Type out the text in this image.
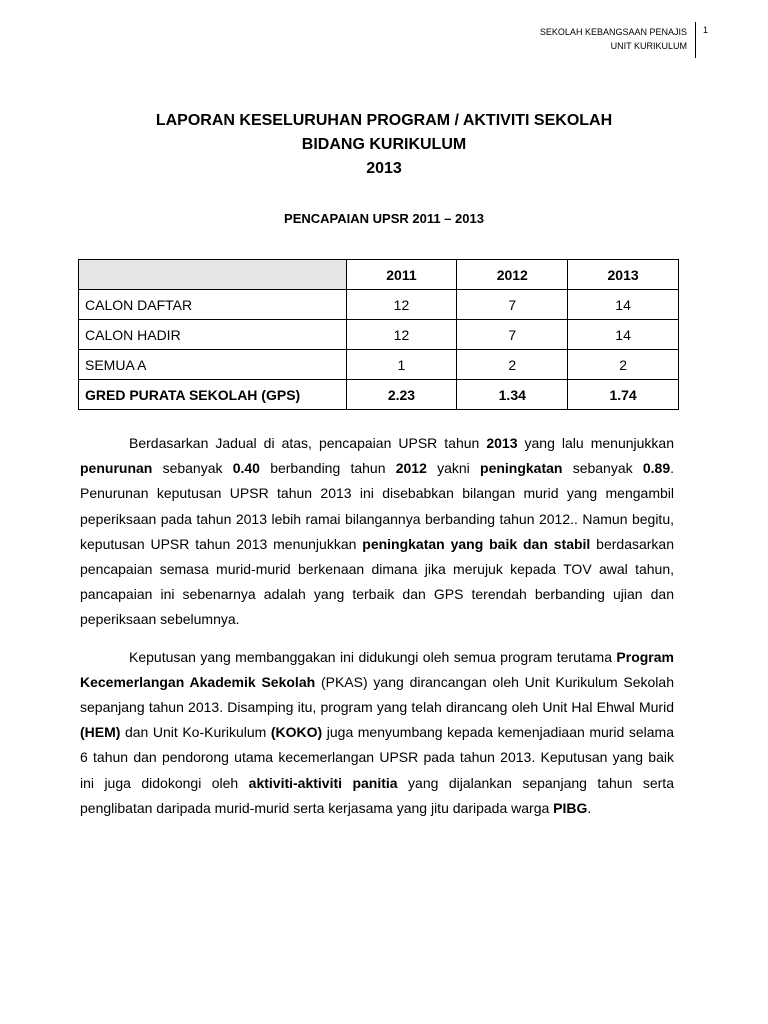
SEKOLAH KEBANGSAAN PENAJIS
UNIT KURIKULUM
1
LAPORAN KESELURUHAN PROGRAM / AKTIVITI SEKOLAH
BIDANG KURIKULUM
2013
PENCAPAIAN UPSR 2011 – 2013
	2011	2012	2013
CALON DAFTAR	12	7	14
CALON HADIR	12	7	14
SEMUA A	1	2	2
GRED PURATA SEKOLAH (GPS)	2.23	1.34	1.74

Berdasarkan Jadual di atas, pencapaian UPSR tahun 2013 yang lalu menunjukkan penurunan sebanyak 0.40 berbanding tahun 2012 yakni peningkatan sebanyak 0.89. Penurunan keputusan UPSR tahun 2013 ini disebabkan bilangan murid yang mengambil peperiksaan pada tahun 2013 lebih ramai bilangannya berbanding tahun 2012.. Namun begitu, keputusan UPSR tahun 2013 menunjukkan peningkatan yang baik dan stabil berdasarkan pencapaian semasa murid-murid berkenaan dimana jika merujuk kepada TOV awal tahun, pancapaian ini sebenarnya adalah yang terbaik dan GPS terendah berbanding ujian dan peperiksaan sebelumnya.

Keputusan yang membanggakan ini didukungi oleh semua program terutama Program Kecemerlangan Akademik Sekolah (PKAS) yang dirancangan oleh Unit Kurikulum Sekolah sepanjang tahun 2013. Disamping itu, program yang telah dirancang oleh Unit Hal Ehwal Murid (HEM) dan Unit Ko-Kurikulum (KOKO) juga menyumbang kepada kemenjadiaan murid selama 6 tahun dan pendorong utama kecemerlangan UPSR pada tahun 2013. Keputusan yang baik ini juga didokongi oleh aktiviti-aktiviti panitia yang dijalankan sepanjang tahun serta penglibatan daripada murid-murid serta kerjasama yang jitu daripada warga PIBG.
